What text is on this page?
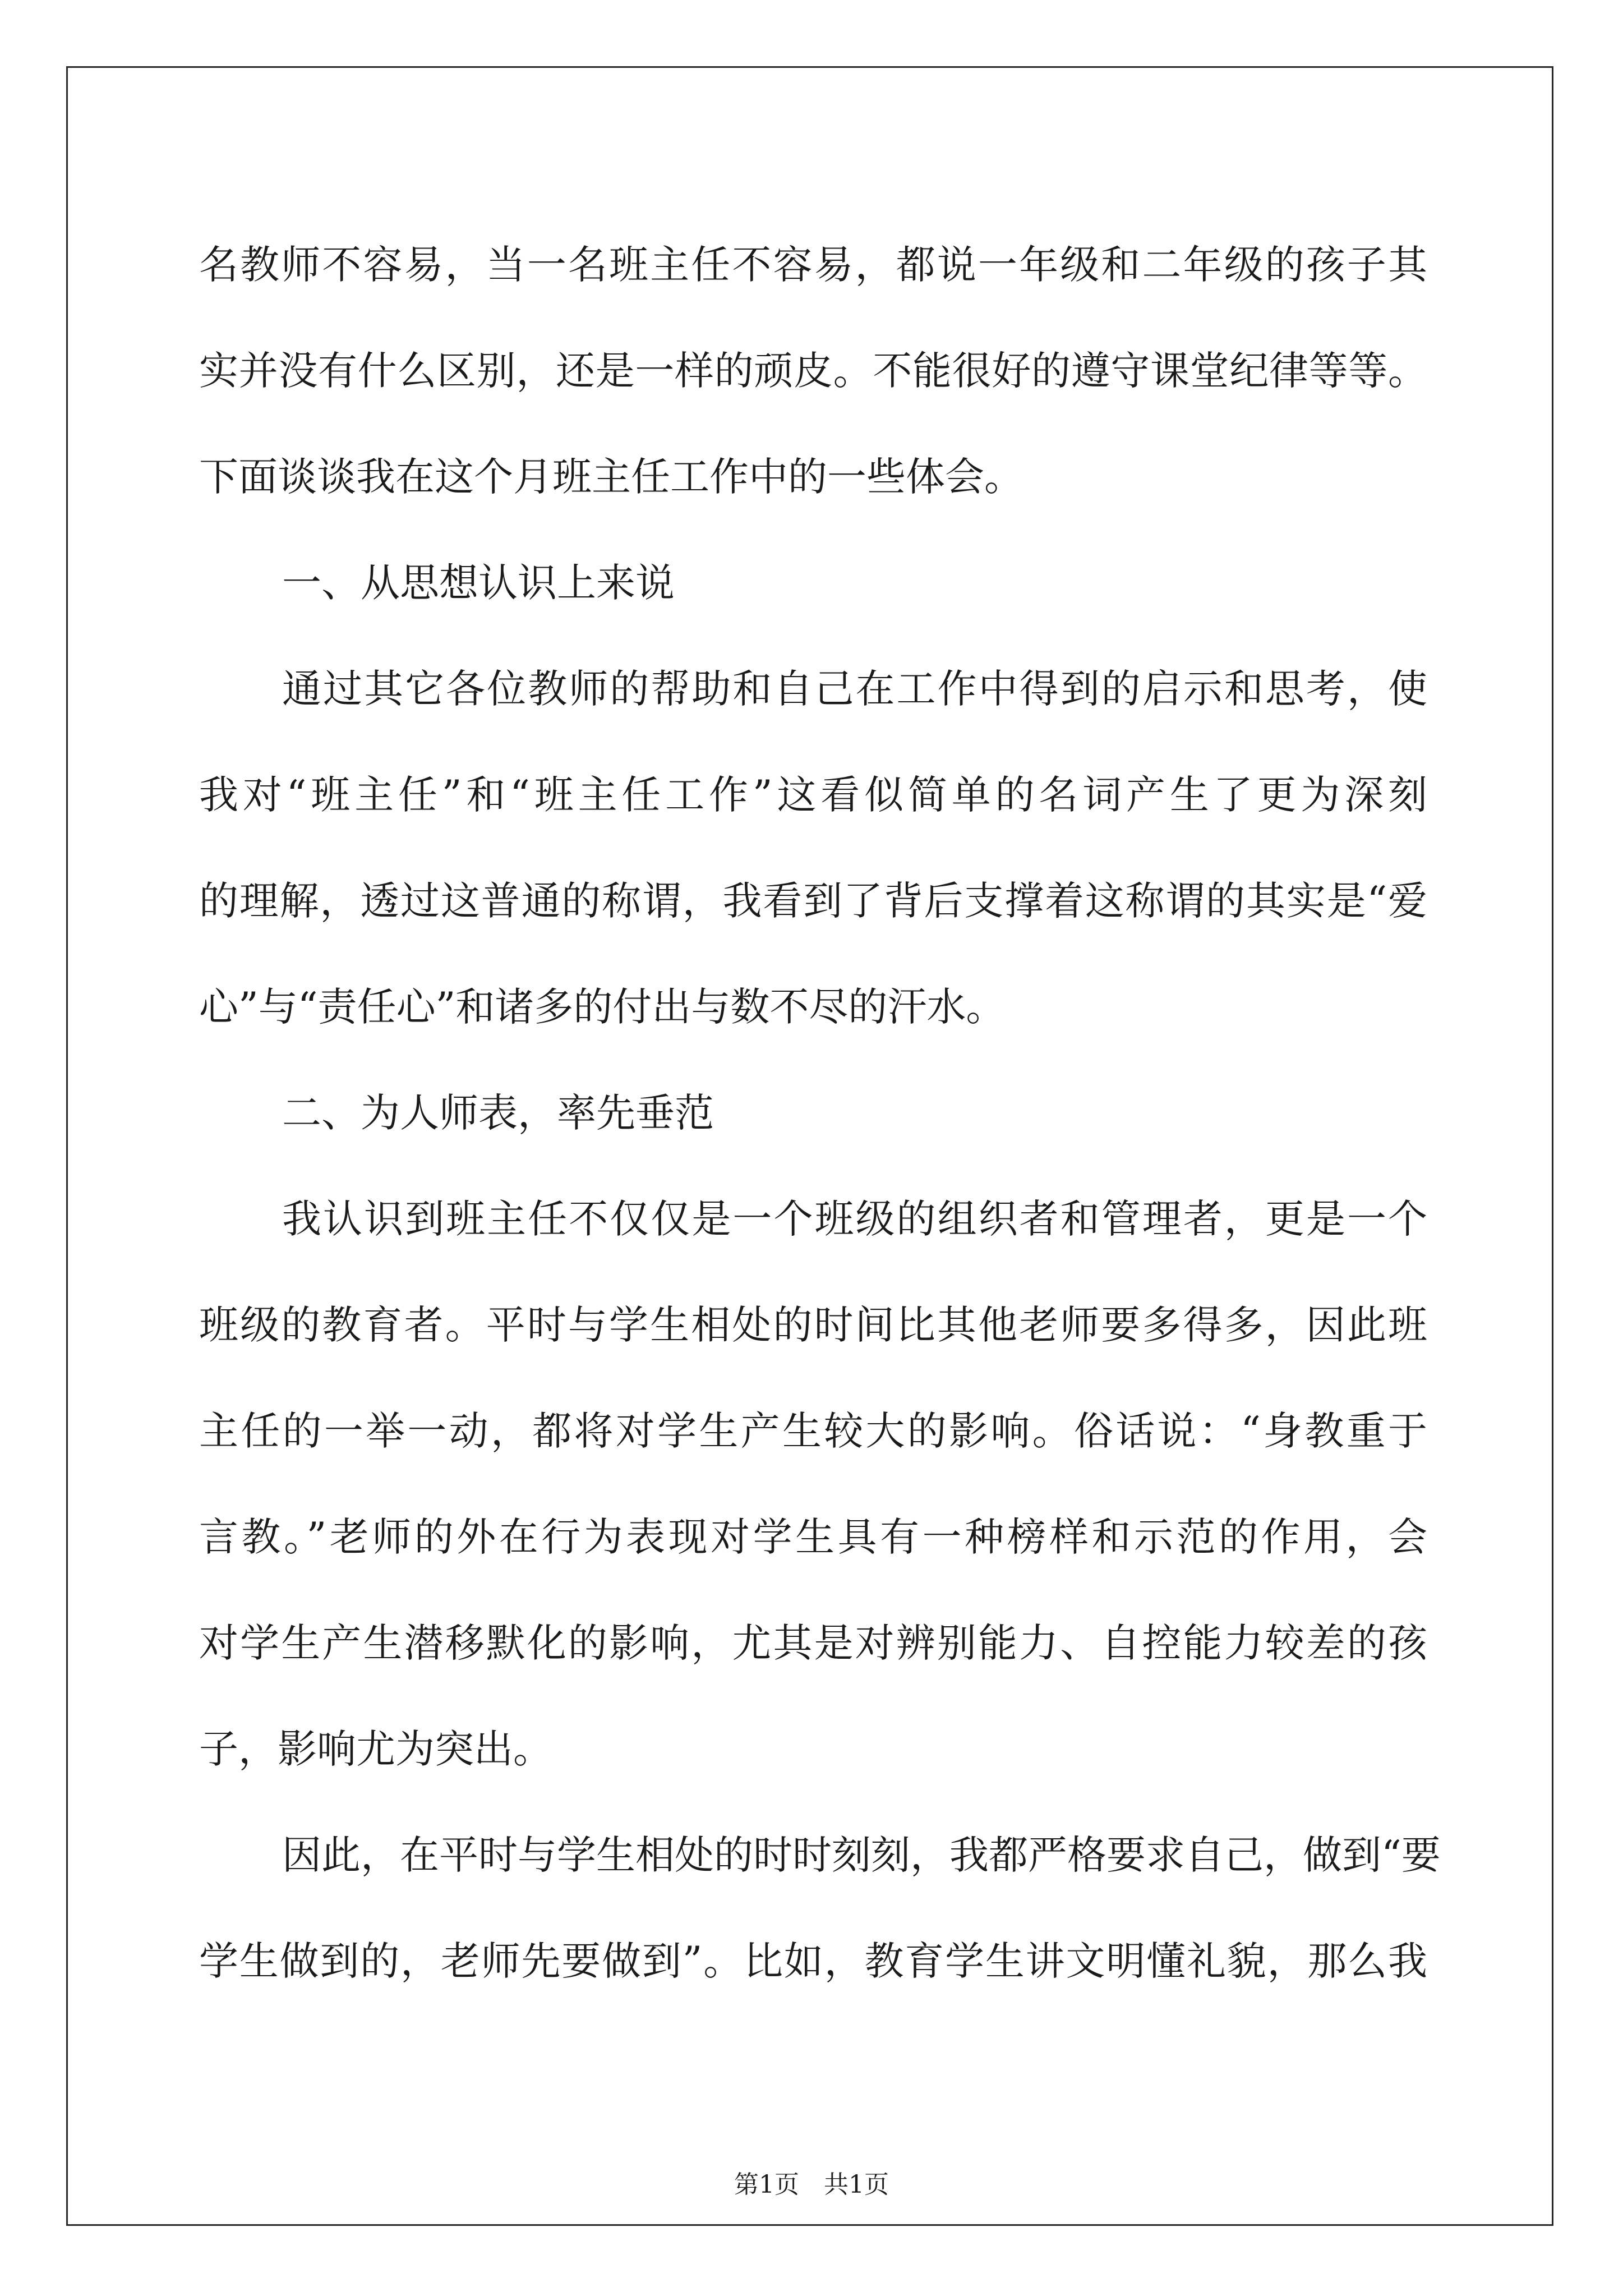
名教师不容易，当一名班主任不容易，都说一年级和二年级的孩子其
实并没有什么区别，还是一样的顽皮。不能很好的遵守课堂纪律等等。
下面谈谈我在这个月班主任工作中的一些体会。
一、从思想认识上来说
通过其它各位教师的帮助和自己在工作中得到的启示和思考，使
我对“班主任”和“班主任工作”这看似简单的名词产生了更为深刻
的理解，透过这普通的称谓，我看到了背后支撑着这称谓的其实是“爱
心”与“责任心”和诸多的付出与数不尽的汗水。
二、为人师表，率先垂范
我认识到班主任不仅仅是一个班级的组织者和管理者，更是一个
班级的教育者。平时与学生相处的时间比其他老师要多得多，因此班
主任的一举一动，都将对学生产生较大的影响。俗话说：“身教重于
言教。”老师的外在行为表现对学生具有一种榜样和示范的作用，会
对学生产生潜移默化的影响，尤其是对辨别能力、自控能力较差的孩
子，影响尤为突出。
因此，在平时与学生相处的时时刻刻，我都严格要求自己，做到“要
学生做到的，老师先要做到”。比如，教育学生讲文明懂礼貌，那么我
第1页　共1页
